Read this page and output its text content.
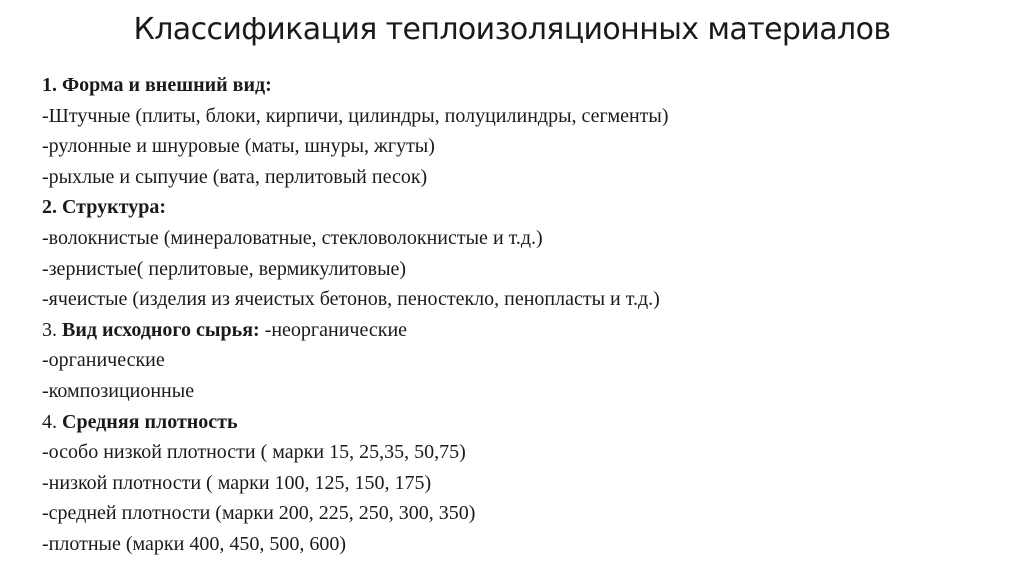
Классификация теплоизоляционных материалов
1. Форма и внешний вид:
-Штучные (плиты, блоки, кирпичи, цилиндры, полуцилиндры, сегменты)
-рулонные и шнуровые (маты, шнуры, жгуты)
-рыхлые и сыпучие (вата, перлитовый песок)
2. Структура:
-волокнистые (минераловатные, стекловолокнистые и т.д.)
-зернистые( перлитовые, вермикулитовые)
-ячеистые (изделия из ячеистых бетонов, пеностекло, пенопласты и т.д.)
3. Вид исходного сырья: -неорганические
-органические
-композиционные
4. Средняя плотность
-особо низкой плотности ( марки 15, 25,35, 50,75)
-низкой плотности ( марки 100, 125, 150, 175)
-средней плотности (марки 200, 225, 250, 300, 350)
-плотные (марки 400, 450, 500, 600)
